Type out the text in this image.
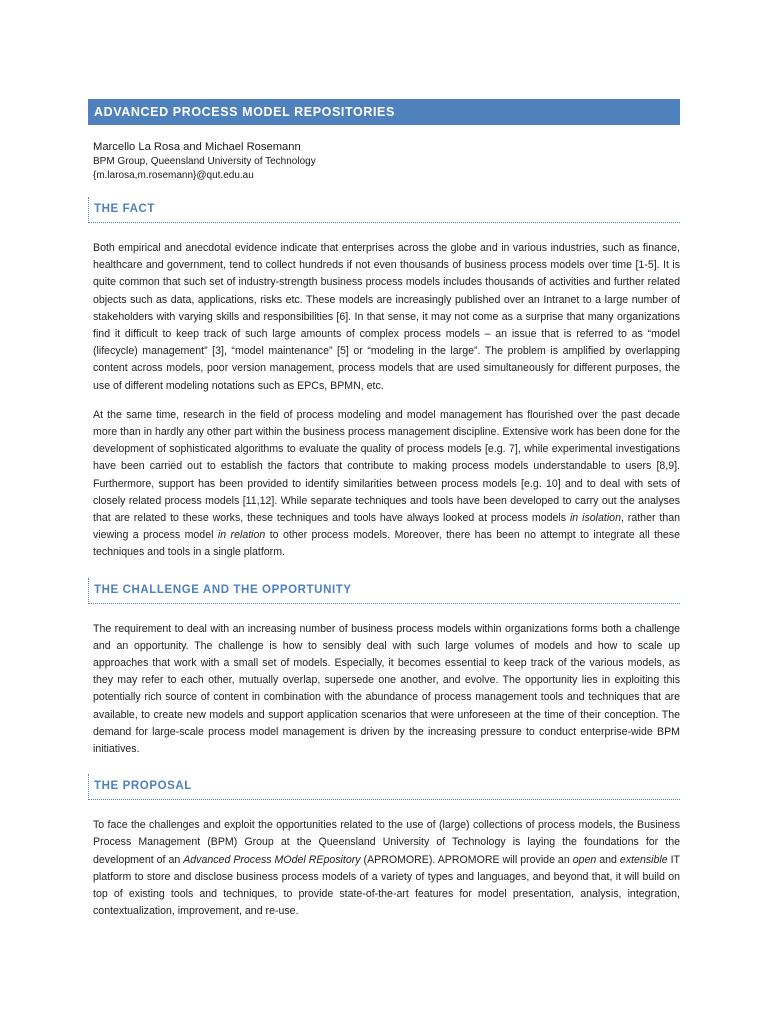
ADVANCED PROCESS MODEL REPOSITORIES
Marcello La Rosa and Michael Rosemann
BPM Group, Queensland University of Technology
{m.larosa,m.rosemann}@qut.edu.au
THE FACT

Both empirical and anecdotal evidence indicate that enterprises across the globe and in various industries, such as finance, healthcare and government, tend to collect hundreds if not even thousands of business process models over time [1-5]. It is quite common that such set of industry-strength business process models includes thousands of activities and further related objects such as data, applications, risks etc. These models are increasingly published over an Intranet to a large number of stakeholders with varying skills and responsibilities [6]. In that sense, it may not come as a surprise that many organizations find it difficult to keep track of such large amounts of complex process models – an issue that is referred to as “model (lifecycle) management” [3], “model maintenance” [5] or “modeling in the large”. The problem is amplified by overlapping content across models, poor version management, process models that are used simultaneously for different purposes, the use of different modeling notations such as EPCs, BPMN, etc.

At the same time, research in the field of process modeling and model management has flourished over the past decade more than in hardly any other part within the business process management discipline. Extensive work has been done for the development of sophisticated algorithms to evaluate the quality of process models [e.g. 7], while experimental investigations have been carried out to establish the factors that contribute to making process models understandable to users [8,9]. Furthermore, support has been provided to identify similarities between process models [e.g. 10] and to deal with sets of closely related process models [11,12]. While separate techniques and tools have been developed to carry out the analyses that are related to these works, these techniques and tools have always looked at process models in isolation, rather than viewing a process model in relation to other process models. Moreover, there has been no attempt to integrate all these techniques and tools in a single platform.

THE CHALLENGE AND THE OPPORTUNITY

The requirement to deal with an increasing number of business process models within organizations forms both a challenge and an opportunity. The challenge is how to sensibly deal with such large volumes of models and how to scale up approaches that work with a small set of models. Especially, it becomes essential to keep track of the various models, as they may refer to each other, mutually overlap, supersede one another, and evolve. The opportunity lies in exploiting this potentially rich source of content in combination with the abundance of process management tools and techniques that are available, to create new models and support application scenarios that were unforeseen at the time of their conception. The demand for large-scale process model management is driven by the increasing pressure to conduct enterprise-wide BPM initiatives.

THE PROPOSAL

To face the challenges and exploit the opportunities related to the use of (large) collections of process models, the Business Process Management (BPM) Group at the Queensland University of Technology is laying the foundations for the development of an Advanced Process MOdel REpository (APROMORE). APROMORE will provide an open and extensible IT platform to store and disclose business process models of a variety of types and languages, and beyond that, it will build on top of existing tools and techniques, to provide state-of-the-art features for model presentation, analysis, integration, contextualization, improvement, and re-use.
